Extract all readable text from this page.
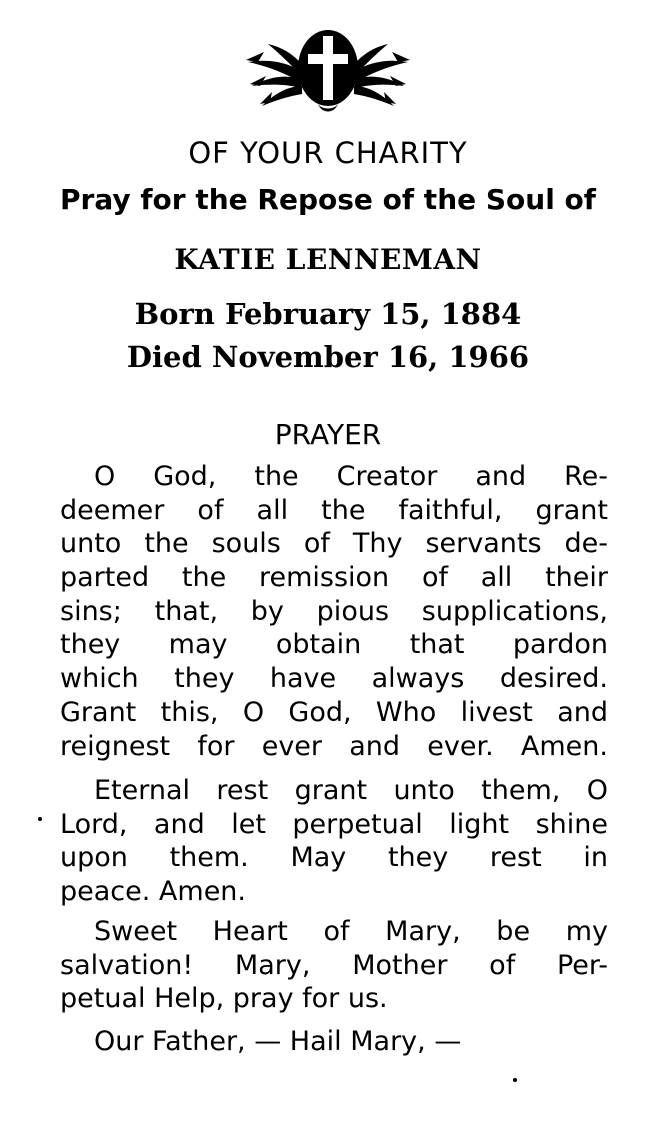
OF YOUR CHARITY
Pray for the Repose of the Soul of
KATIE LENNEMAN
Born February 15, 1884
Died November 16, 1966
PRAYER
O God, the Creator and Re-
deemer of all the faithful, grant
unto the souls of Thy servants de-
parted the remission of all their
sins; that, by pious supplications,
they may obtain that pardon
which they have always desired.
Grant this, O God, Who livest and
reignest for ever and ever. Amen.
Eternal rest grant unto them, O
Lord, and let perpetual light shine
upon them. May they rest in
peace. Amen.
Sweet Heart of Mary, be my
salvation! Mary, Mother of Per-
petual Help, pray for us.
Our Father, — Hail Mary, —
